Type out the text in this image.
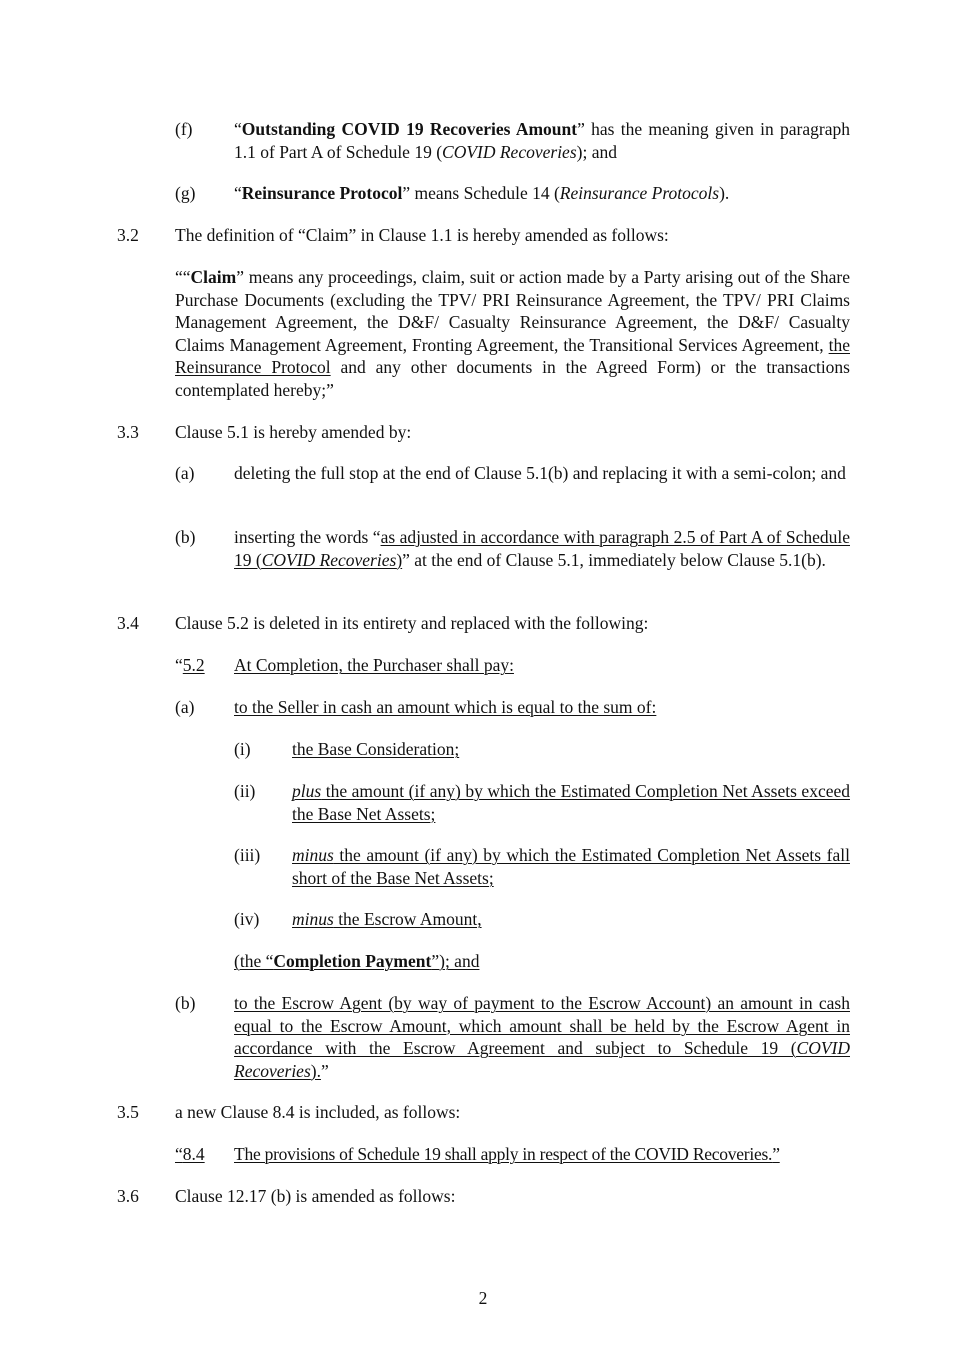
(f) “Outstanding COVID 19 Recoveries Amount” has the meaning given in paragraph 1.1 of Part A of Schedule 19 (COVID Recoveries); and

(g) “Reinsurance Protocol” means Schedule 14 (Reinsurance Protocols).

3.2 The definition of “Claim” in Clause 1.1 is hereby amended as follows:

““Claim” means any proceedings, claim, suit or action made by a Party arising out of the Share Purchase Documents (excluding the TPV/ PRI Reinsurance Agreement, the TPV/ PRI Claims Management Agreement, the D&F/ Casualty Reinsurance Agreement, the D&F/ Casualty Claims Management Agreement, Fronting Agreement, the Transitional Services Agreement, the Reinsurance Protocol and any other documents in the Agreed Form) or the transactions contemplated hereby;”

3.3 Clause 5.1 is hereby amended by:

(a) deleting the full stop at the end of Clause 5.1(b) and replacing it with a semi-colon; and

(b) inserting the words “as adjusted in accordance with paragraph 2.5 of Part A of Schedule 19 (COVID Recoveries)” at the end of Clause 5.1, immediately below Clause 5.1(b).

3.4 Clause 5.2 is deleted in its entirety and replaced with the following:

“5.2 At Completion, the Purchaser shall pay:

(a) to the Seller in cash an amount which is equal to the sum of:

(i) the Base Consideration;

(ii) plus the amount (if any) by which the Estimated Completion Net Assets exceed the Base Net Assets;

(iii) minus the amount (if any) by which the Estimated Completion Net Assets fall short of the Base Net Assets;

(iv) minus the Escrow Amount,

(the “Completion Payment”); and

(b) to the Escrow Agent (by way of payment to the Escrow Account) an amount in cash equal to the Escrow Amount, which amount shall be held by the Escrow Agent in accordance with the Escrow Agreement and subject to Schedule 19 (COVID Recoveries).”

3.5 a new Clause 8.4 is included, as follows:

“8.4 The provisions of Schedule 19 shall apply in respect of the COVID Recoveries.”

3.6 Clause 12.17 (b) is amended as follows:

2
